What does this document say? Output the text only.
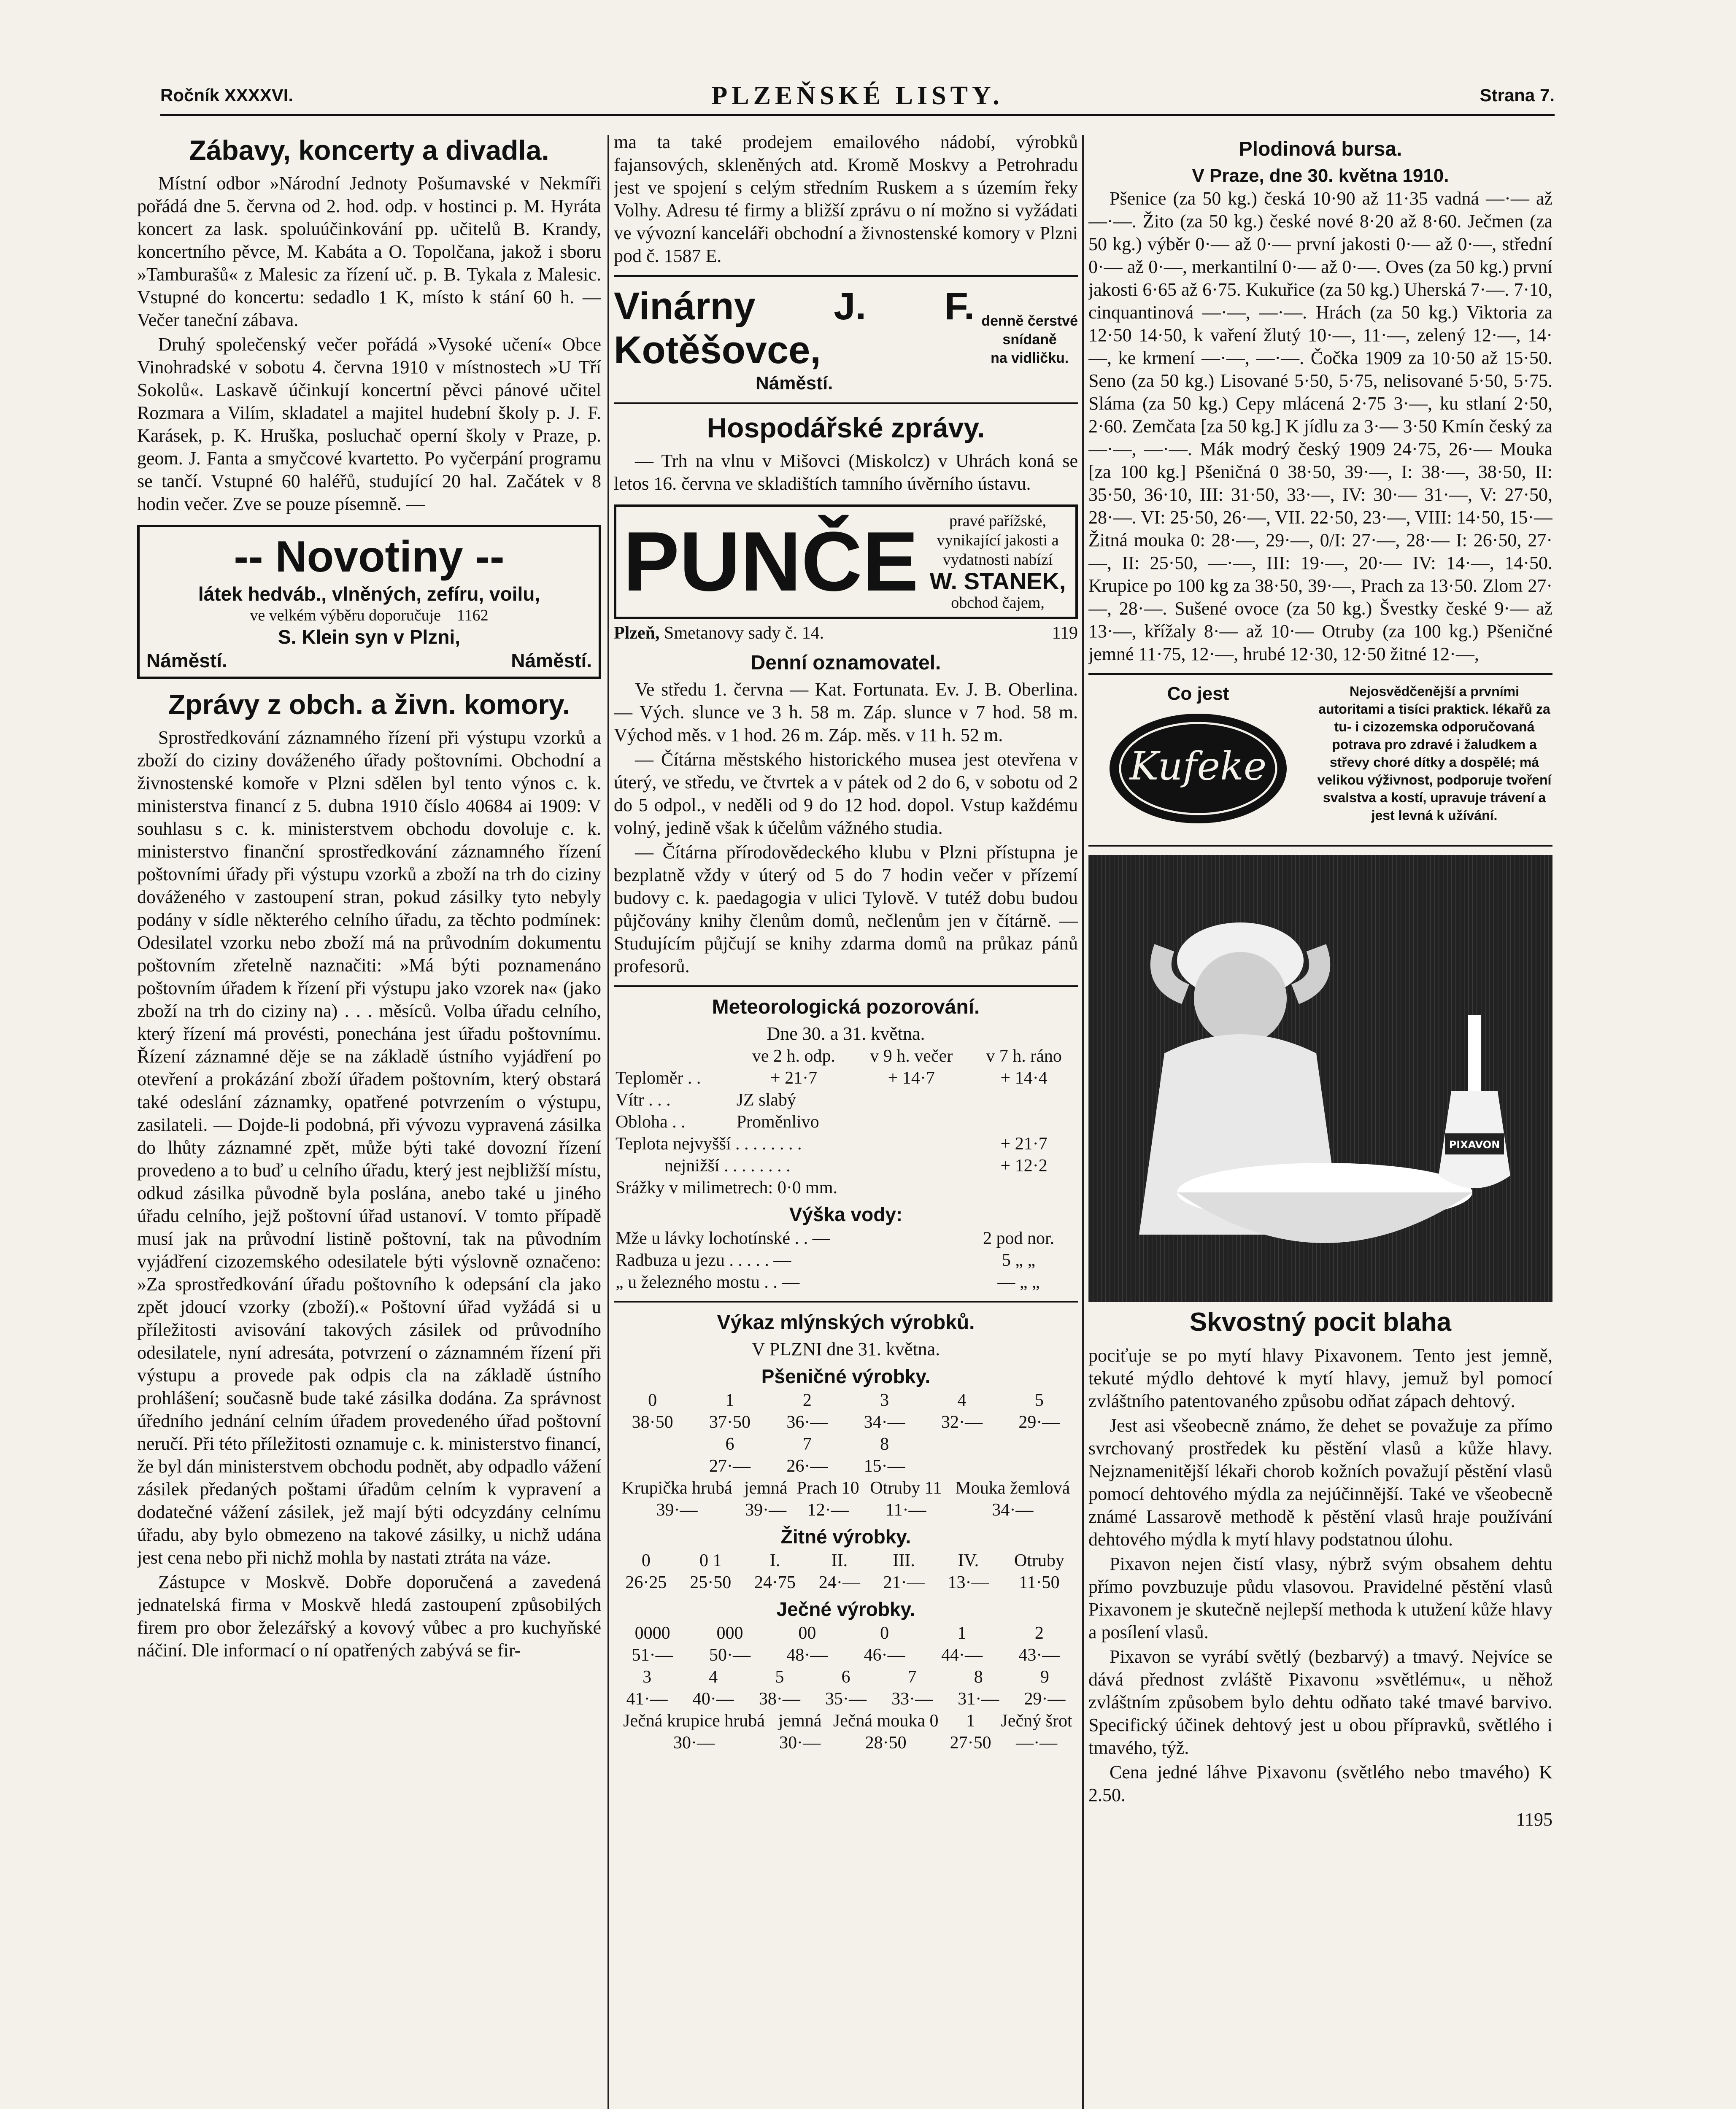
Ročník XXXXVI.	PLZEŇSKÉ LISTY.	Strana 7.
Zábavy, koncerty a divadla.

Místní odbor »Národní Jednoty Pošumavské v Nekmíři pořádá dne 5. června od 2. hod. odp. v hostinci p. M. Hyráta koncert za lask. spoluúčinkování pp. učitelů B. Krandy, koncertního pěvce, M. Kabáta a O. Topolčana, jakož i sboru »Tamburašů« z Malesic za řízení uč. p. B. Tykala z Malesic. Vstupné do koncertu: sedadlo 1 K, místo k stání 60 h. — Večer taneční zábava.

Druhý společenský večer pořádá »Vysoké učení« Obce Vinohradské v sobotu 4. června 1910 v místnostech »U Tří Sokolů«. Laskavě účinkují koncertní pěvci pánové učitel Rozmara a Vilím, skladatel a majitel hudební školy p. J. F. Karásek, p. K. Hruška, posluchač operní školy v Praze, p. geom. J. Fanta a smyčcové kvartetto. Po vyčerpání programu se tančí. Vstupné 60 haléřů, studující 20 hal. Začátek v 8 hodin večer. Zve se pouze písemně. —

-- Novotiny --
látek hedváb., vlněných, zefíru, voilu,
ve velkém výběru doporučuje 1162
S. Klein syn v Plzni,
Náměstí.	Náměstí.
Zprávy z obch. a živn. komory.

Sprostředkování záznamného řízení při výstupu vzorků a zboží do ciziny dováženého úřady poštovními. Obchodní a živnostenské komoře v Plzni sdělen byl tento výnos c. k. ministerstva financí z 5. dubna 1910 číslo 40684 ai 1909: V souhlasu s c. k. ministerstvem obchodu dovoluje c. k. ministerstvo finanční sprostředkování záznamného řízení poštovními úřady při výstupu vzorků a zboží na trh do ciziny dováženého v zastoupení stran, pokud zásilky tyto nebyly podány v sídle některého celního úřadu, za těchto podmínek: Odesilatel vzorku nebo zboží má na průvodním dokumentu poštovním zřetelně naznačiti: »Má býti poznamenáno poštovním úřadem k řízení při výstupu jako vzorek na« (jako zboží na trh do ciziny na) . . . měsíců. Volba úřadu celního, který řízení má provésti, ponechána jest úřadu poštovnímu. Řízení záznamné děje se na základě ústního vyjádření po otevření a prokázání zboží úřadem poštovním, který obstará také odeslání záznamky, opatřené potvrzením o výstupu, zasilateli. — Dojde-li podobná, při vývozu vypravená zásilka do lhůty záznamné zpět, může býti také dovozní řízení provedeno a to buď u celního úřadu, který jest nejbližší místu, odkud zásilka původně byla poslána, anebo také u jiného úřadu celního, jejž poštovní úřad ustanoví. V tomto případě musí jak na průvodní listině poštovní, tak na původním vyjádření cizozemského odesilatele býti výslovně označeno: »Za sprostředkování úřadu poštovního k odepsání cla jako zpět jdoucí vzorky (zboží).« Poštovní úřad vyžádá si u příležitosti avisování takových zásilek od průvodního odesilatele, nyní adresáta, potvrzení o záznamném řízení při výstupu a provede pak odpis cla na základě ústního prohlášení; současně bude také zásilka dodána. Za správnost úředního jednání celním úřadem provedeného úřad poštovní neručí. Při této příležitosti oznamuje c. k. ministerstvo financí, že byl dán ministerstvem obchodu podnět, aby odpadlo vážení zásilek předaných poštami úřadům celním k vypravení a dodatečné vážení zásilek, jež mají býti odcyzdány celnímu úřadu, aby bylo obmezeno na takové zásilky, u nichž udána jest cena nebo při nichž mohla by nastati ztráta na váze.

Zástupce v Moskvě. Dobře doporučená a zavedená jednatelská firma v Moskvě hledá zastoupení způsobilých firem pro obor železářský a kovový vůbec a pro kuchyňské náčiní. Dle informací o ní opatřených zabývá se fir-

ma ta také prodejem emailového nádobí, výrobků fajansových, skleněných atd. Kromě Moskvy a Petrohradu jest ve spojení s celým středním Ruskem a s územím řeky Volhy. Adresu té firmy a bližší zprávu o ní možno si vyžádati ve vývozní kanceláři obchodní a živnostenské komory v Plzni pod č. 1587 E.

Vinárny J. F. Kotěšovce,
Náměstí.
denně čerstvé
snídaně
na vidličku.
Hospodářské zprávy.

— Trh na vlnu v Mišovci (Miskolcz) v Uhrách koná se letos 16. června ve skladištích tamního úvěrního ústavu.

PUNČE	pravé pařížské, vynikající jakosti a vydatnosti nabízí
W. STANEK,
obchod čajem,
Plzeň, Smetanovy sady č. 14.	119
Denní oznamovatel.

Ve středu 1. června — Kat. Fortunata. Ev. J. B. Oberlina. — Vých. slunce ve 3 h. 58 m. Záp. slunce v 7 hod. 58 m. Východ měs. v 1 hod. 26 m. Záp. měs. v 11 h. 52 m.

— Čítárna městského historického musea jest otevřena v úterý, ve středu, ve čtvrtek a v pátek od 2 do 6, v sobotu od 2 do 5 odpol., v neděli od 9 do 12 hod. dopol. Vstup každému volný, jedině však k účelům vážného studia.

— Čítárna přírodovědeckého klubu v Plzni přístupna je bezplatně vždy v úterý od 5 do 7 hodin večer v přízemí budovy c. k. paedagogia v ulici Tylově. V tutéž dobu budou půjčovány knihy členům domů, nečlenům jen v čítárně. — Studujícím půjčují se knihy zdarma domů na průkaz pánů profesorů.

Meteorologická pozorování.
Dne 30. a 31. května.
	ve 2 h. odp.	v 9 h. večer	v 7 h. ráno
Teploměr . .	+ 21·7	+ 14·7	+ 14·4
Vítr . . .	JZ slabý		
Obloha . .	Proměnlivo		
Teplota nejvyšší . . . . . . . .			+ 21·7
nejnižší . . . . . . . .			+ 12·2
Srážky v milimetrech: 0·0 mm.			
Výška vody:
Mže u lávky lochotínské . . —	2 pod nor.
Radbuza u jezu . . . . . —	5 „ „
„ u železného mostu . . —	— „ „
Výkaz mlýnských výrobků.
V PLZNI dne 31. května.
Pšeničné výrobky.
0	1	2	3	4	5
38·50	37·50	36·—	34·—	32·—	29·—
	6	7	8		
	27·—	26·—	15·—		
Krupička hrubá	jemná	Prach 10	Otruby 11	Mouka žemlová
39·—	39·—	12·—	11·—	34·—
Žitné výrobky.
0	0 1	I.	II.	III.	IV.	Otruby
26·25	25·50	24·75	24·—	21·—	13·—	11·50
Ječné výrobky.
0000	000	00	0	1	2
51·—	50·—	48·—	46·—	44·—	43·—
3	4	5	6	7	8	9
41·—	40·—	38·—	35·—	33·—	31·—	29·—
Ječná krupice hrubá	jemná	Ječná mouka 0	1	Ječný šrot
30·—	30·—	28·50	27·50	—·—
Plodinová bursa.
V Praze, dne 30. května 1910.

Pšenice (za 50 kg.) česká 10·90 až 11·35 vadná —·— až —·—. Žito (za 50 kg.) české nové 8·20 až 8·60. Ječmen (za 50 kg.) výběr 0·— až 0·— první jakosti 0·— až 0·—, střední 0·— až 0·—, merkantilní 0·— až 0·—. Oves (za 50 kg.) první jakosti 6·65 až 6·75. Kukuřice (za 50 kg.) Uherská 7·—. 7·10, cinquantinová —·—, —·—. Hrách (za 50 kg.) Viktoria za 12·50 14·50, k vaření žlutý 10·—, 11·—, zelený 12·—, 14·—, ke krmení —·—, —·—. Čočka 1909 za 10·50 až 15·50. Seno (za 50 kg.) Lisované 5·50, 5·75, nelisované 5·50, 5·75. Sláma (za 50 kg.) Cepy mlácená 2·75 3·—, ku stlaní 2·50, 2·60. Zemčata [za 50 kg.] K jídlu za 3·— 3·50 Kmín český za —·—, —·—. Mák modrý český 1909 24·75, 26·— Mouka [za 100 kg.] Pšeničná 0 38·50, 39·—, I: 38·—, 38·50, II: 35·50, 36·10, III: 31·50, 33·—, IV: 30·— 31·—, V: 27·50, 28·—. VI: 25·50, 26·—, VII. 22·50, 23·—, VIII: 14·50, 15·— Žitná mouka 0: 28·—, 29·—, 0/I: 27·—, 28·— I: 26·50, 27·—, II: 25·50, —·—, III: 19·—, 20·— IV: 14·—, 14·50. Krupice po 100 kg za 38·50, 39·—, Prach za 13·50. Zlom 27·—, 28·—. Sušené ovoce (za 50 kg.) Švestky české 9·— až 13·—, křížaly 8·— až 10·— Otruby (za 100 kg.) Pšeničné jemné 11·75, 12·—, hrubé 12·30, 12·50 žitné 12·—,

Co jest
Kufeke
Nejosvědčenější a prvními autoritami a tisíci praktick. lékařů za tu- i cizozemska odporučovaná potrava pro zdravé i žaludkem a střevy choré dítky a dospělé; má velikou výživnost, podporuje tvoření svalstva a kostí, upravuje trávení a jest levná k užívání.
PIXAVON
Skvostný pocit blaha

pociťuje se po mytí hlavy Pixavonem. Tento jest jemně, tekuté mýdlo dehtové k mytí hlavy, jemuž byl pomocí zvláštního patentovaného způsobu odňat zápach dehtový.

Jest asi všeobecně známo, že dehet se považuje za přímo svrchovaný prostředek ku pěstění vlasů a kůže hlavy. Nejznamenitější lékaři chorob kožních považují pěstění vlasů pomocí dehtového mýdla za nejúčinnější. Také ve všeobecně známé Lassarově methodě k pěstění vlasů hraje používání dehtového mýdla k mytí hlavy podstatnou úlohu.

Pixavon nejen čistí vlasy, nýbrž svým obsahem dehtu přímo povzbuzuje půdu vlasovou. Pravidelné pěstění vlasů Pixavonem je skutečně nejlepší methoda k utužení kůže hlavy a posílení vlasů.

Pixavon se vyrábí světlý (bezbarvý) a tmavý. Nejvíce se dává přednost zvláště Pixavonu »světlému«, u něhož zvláštním způsobem bylo dehtu odňato také tmavé barvivo. Specifický účinek dehtový jest u obou přípravků, světlého i tmavého, týž.

Cena jedné láhve Pixavonu (světlého nebo tmavého) K 2.50.

1195
